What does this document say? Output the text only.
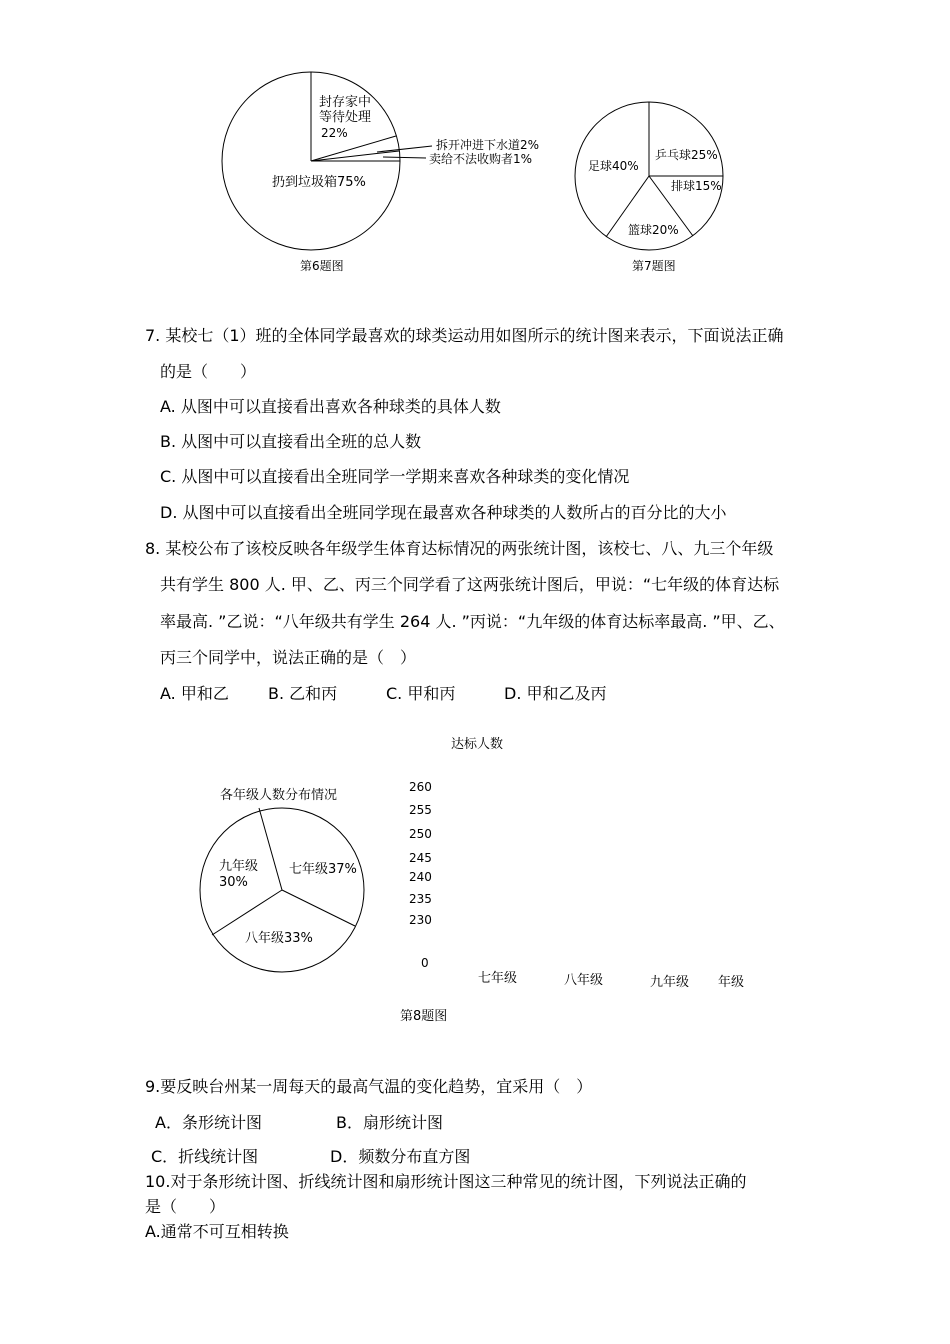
封存家中
等待处理
22%
拆开冲进下水道2%
卖给不法收购者1%
扔到垃圾箱75%
第6题图
乒乓球25%
排球15%
篮球20%
足球40%
第7题图
各年级人数分布情况
七年级37%
八年级33%
九年级
30%
达标人数
260
255
250
245
240
235
230
0
七年级	八年级	九年级 年级
第8题图
7. 某校七（1）班的全体同学最喜欢的球类运动用如图所示的统计图来表示，下面说法正确
的是（　　）
A. 从图中可以直接看出喜欢各种球类的具体人数
B. 从图中可以直接看出全班的总人数
C. 从图中可以直接看出全班同学一学期来喜欢各种球类的变化情况
D. 从图中可以直接看出全班同学现在最喜欢各种球类的人数所占的百分比的大小
8. 某校公布了该校反映各年级学生体育达标情况的两张统计图，该校七、八、九三个年级
共有学生 800 人. 甲、乙、丙三个同学看了这两张统计图后，甲说：“七年级的体育达标
率最高. ”乙说：“八年级共有学生 264 人. ”丙说：“九年级的体育达标率最高. ”甲、乙、
丙三个同学中，说法正确的是（　）
A. 甲和乙 B. 乙和丙	C. 甲和丙	D. 甲和乙及丙
9.要反映台州某一周每天的最高气温的变化趋势，宜采用（　）
A．条形统计图	B．扇形统计图
C．折线统计图	D．频数分布直方图
10.对于条形统计图、折线统计图和扇形统计图这三种常见的统计图，下列说法正确的
是（　　）
A.通常不可互相转换
